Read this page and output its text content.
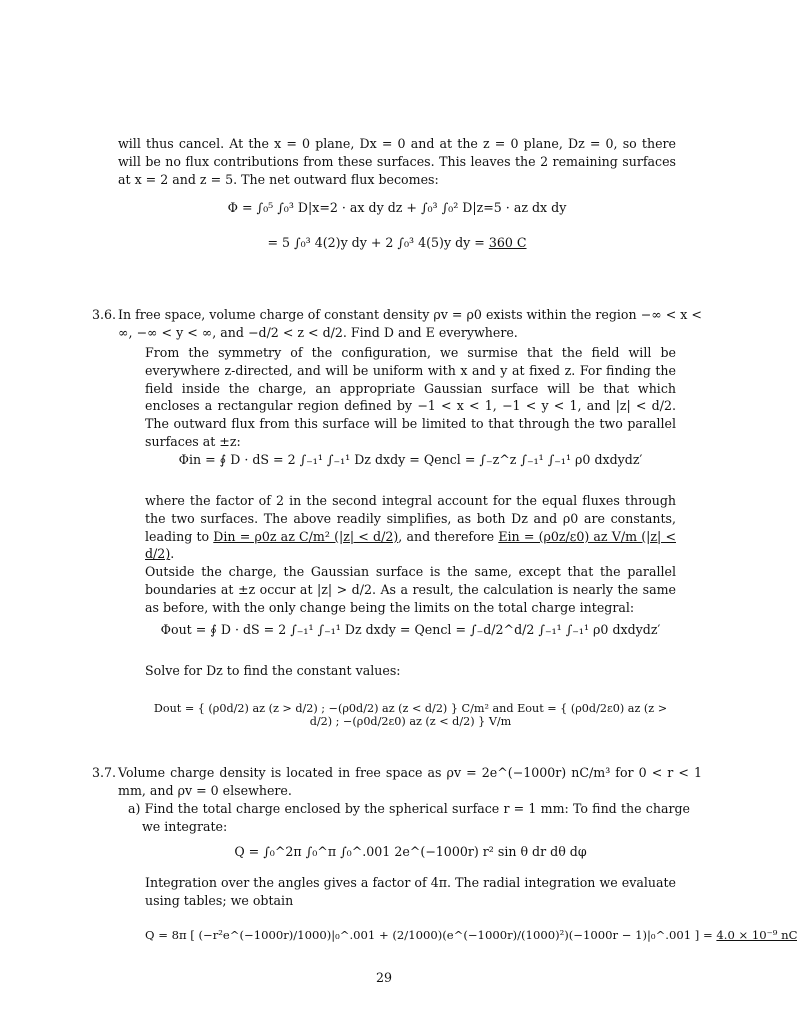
will thus cancel. At the x = 0 plane, Dx = 0 and at the z = 0 plane, Dz = 0, so there will be no flux contributions from these surfaces. This leaves the 2 remaining surfaces at x = 2 and z = 5. The net outward flux becomes:

Φ = ∫₀⁵ ∫₀³ D|x=2 · ax dy dz + ∫₀³ ∫₀² D|z=5 · az dx dy
= 5 ∫₀³ 4(2)y dy + 2 ∫₀³ 4(5)y dy = 360 C

3.6. In free space, volume charge of constant density ρv = ρ0 exists within the region −∞ < x < ∞, −∞ < y < ∞, and −d/2 < z < d/2. Find D and E everywhere.

From the symmetry of the configuration, we surmise that the field will be everywhere z-directed, and will be uniform with x and y at fixed z. For finding the field inside the charge, an appropriate Gaussian surface will be that which encloses a rectangular region defined by −1 < x < 1, −1 < y < 1, and |z| < d/2. The outward flux from this surface will be limited to that through the two parallel surfaces at ±z:

Φin = ∮ D · dS = 2 ∫₋₁¹ ∫₋₁¹ Dz dxdy = Qencl = ∫₋z^z ∫₋₁¹ ∫₋₁¹ ρ0 dxdydz′

where the factor of 2 in the second integral account for the equal fluxes through the two surfaces. The above readily simplifies, as both Dz and ρ0 are constants, leading to Din = ρ0z az C/m² (|z| < d/2), and therefore Ein = (ρ0z/ε0) az V/m (|z| < d/2).

Outside the charge, the Gaussian surface is the same, except that the parallel boundaries at ±z occur at |z| > d/2. As a result, the calculation is nearly the same as before, with the only change being the limits on the total charge integral:

Φout = ∮ D · dS = 2 ∫₋₁¹ ∫₋₁¹ Dz dxdy = Qencl = ∫₋d/2^d/2 ∫₋₁¹ ∫₋₁¹ ρ0 dxdydz′

Solve for Dz to find the constant values:

Dout = { (ρ0d/2) az (z > d/2) ; −(ρ0d/2) az (z < d/2) } C/m² and Eout = { (ρ0d/2ε0) az (z > d/2) ; −(ρ0d/2ε0) az (z < d/2) } V/m

3.7. Volume charge density is located in free space as ρv = 2e^(−1000r) nC/m³ for 0 < r < 1 mm, and ρv = 0 elsewhere.

a) Find the total charge enclosed by the spherical surface r = 1 mm: To find the charge we integrate:

Q = ∫₀^2π ∫₀^π ∫₀^.001 2e^(−1000r) r² sin θ dr dθ dφ

Integration over the angles gives a factor of 4π. The radial integration we evaluate using tables; we obtain

Q = 8π [ (−r²e^(−1000r)/1000)|₀^.001 + (2/1000)(e^(−1000r)/(1000)²)(−1000r − 1)|₀^.001 ] = 4.0 × 10⁻⁹ nC
29
